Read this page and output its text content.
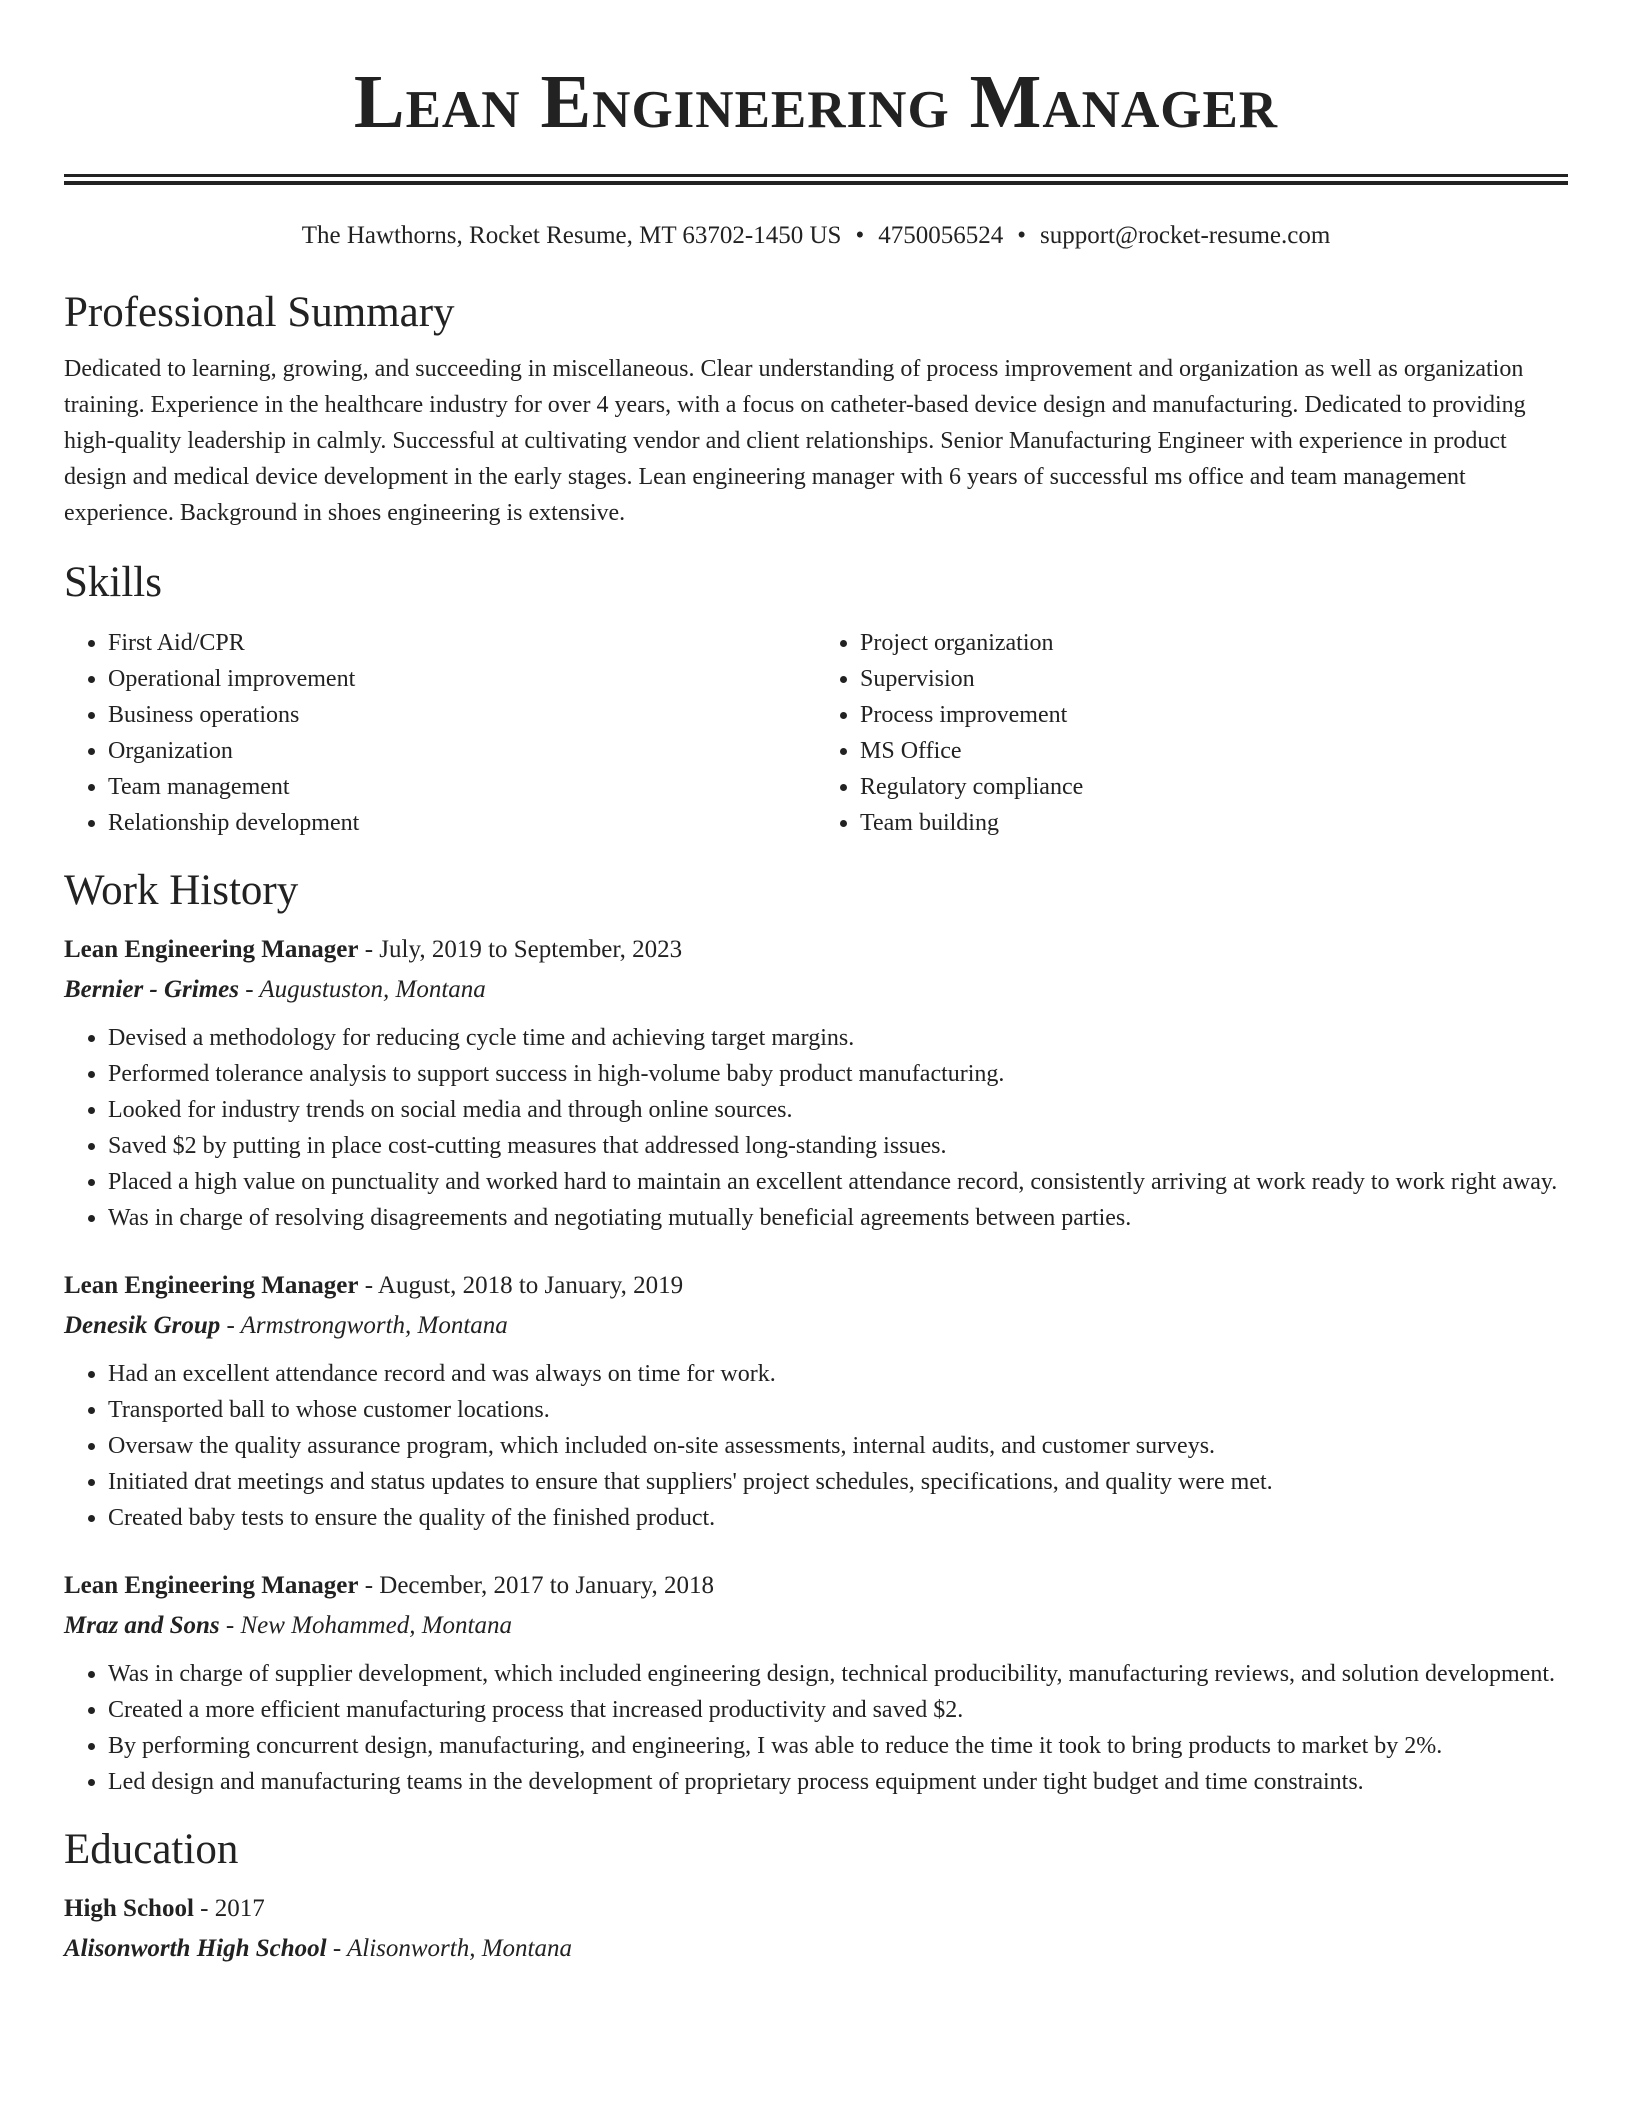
Lean Engineering Manager
The Hawthorns, Rocket Resume, MT 63702-1450 US • 4750056524 • support@rocket-resume.com
Professional Summary

Dedicated to learning, growing, and succeeding in miscellaneous. Clear understanding of process improvement and organization as well as organization training. Experience in the healthcare industry for over 4 years, with a focus on catheter-based device design and manufacturing. Dedicated to providing high-quality leadership in calmly. Successful at cultivating vendor and client relationships. Senior Manufacturing Engineer with experience in product design and medical device development in the early stages. Lean engineering manager with 6 years of successful ms office and team management experience. Background in shoes engineering is extensive.

Skills
• First Aid/CPR
• Operational improvement
• Business operations
• Organization
• Team management
• Relationship development
• Project organization
• Supervision
• Process improvement
• MS Office
• Regulatory compliance
• Team building
Work History
Lean Engineering Manager - July, 2019 to September, 2023
Bernier - Grimes - Augustuston, Montana
• Devised a methodology for reducing cycle time and achieving target margins.
• Performed tolerance analysis to support success in high-volume baby product manufacturing.
• Looked for industry trends on social media and through online sources.
• Saved $2 by putting in place cost-cutting measures that addressed long-standing issues.
• Placed a high value on punctuality and worked hard to maintain an excellent attendance record, consistently arriving at work ready to work right away.
• Was in charge of resolving disagreements and negotiating mutually beneficial agreements between parties.
Lean Engineering Manager - August, 2018 to January, 2019
Denesik Group - Armstrongworth, Montana
• Had an excellent attendance record and was always on time for work.
• Transported ball to whose customer locations.
• Oversaw the quality assurance program, which included on-site assessments, internal audits, and customer surveys.
• Initiated drat meetings and status updates to ensure that suppliers' project schedules, specifications, and quality were met.
• Created baby tests to ensure the quality of the finished product.
Lean Engineering Manager - December, 2017 to January, 2018
Mraz and Sons - New Mohammed, Montana
• Was in charge of supplier development, which included engineering design, technical producibility, manufacturing reviews, and solution development.
• Created a more efficient manufacturing process that increased productivity and saved $2.
• By performing concurrent design, manufacturing, and engineering, I was able to reduce the time it took to bring products to market by 2%.
• Led design and manufacturing teams in the development of proprietary process equipment under tight budget and time constraints.
Education
High School - 2017
Alisonworth High School - Alisonworth, Montana
